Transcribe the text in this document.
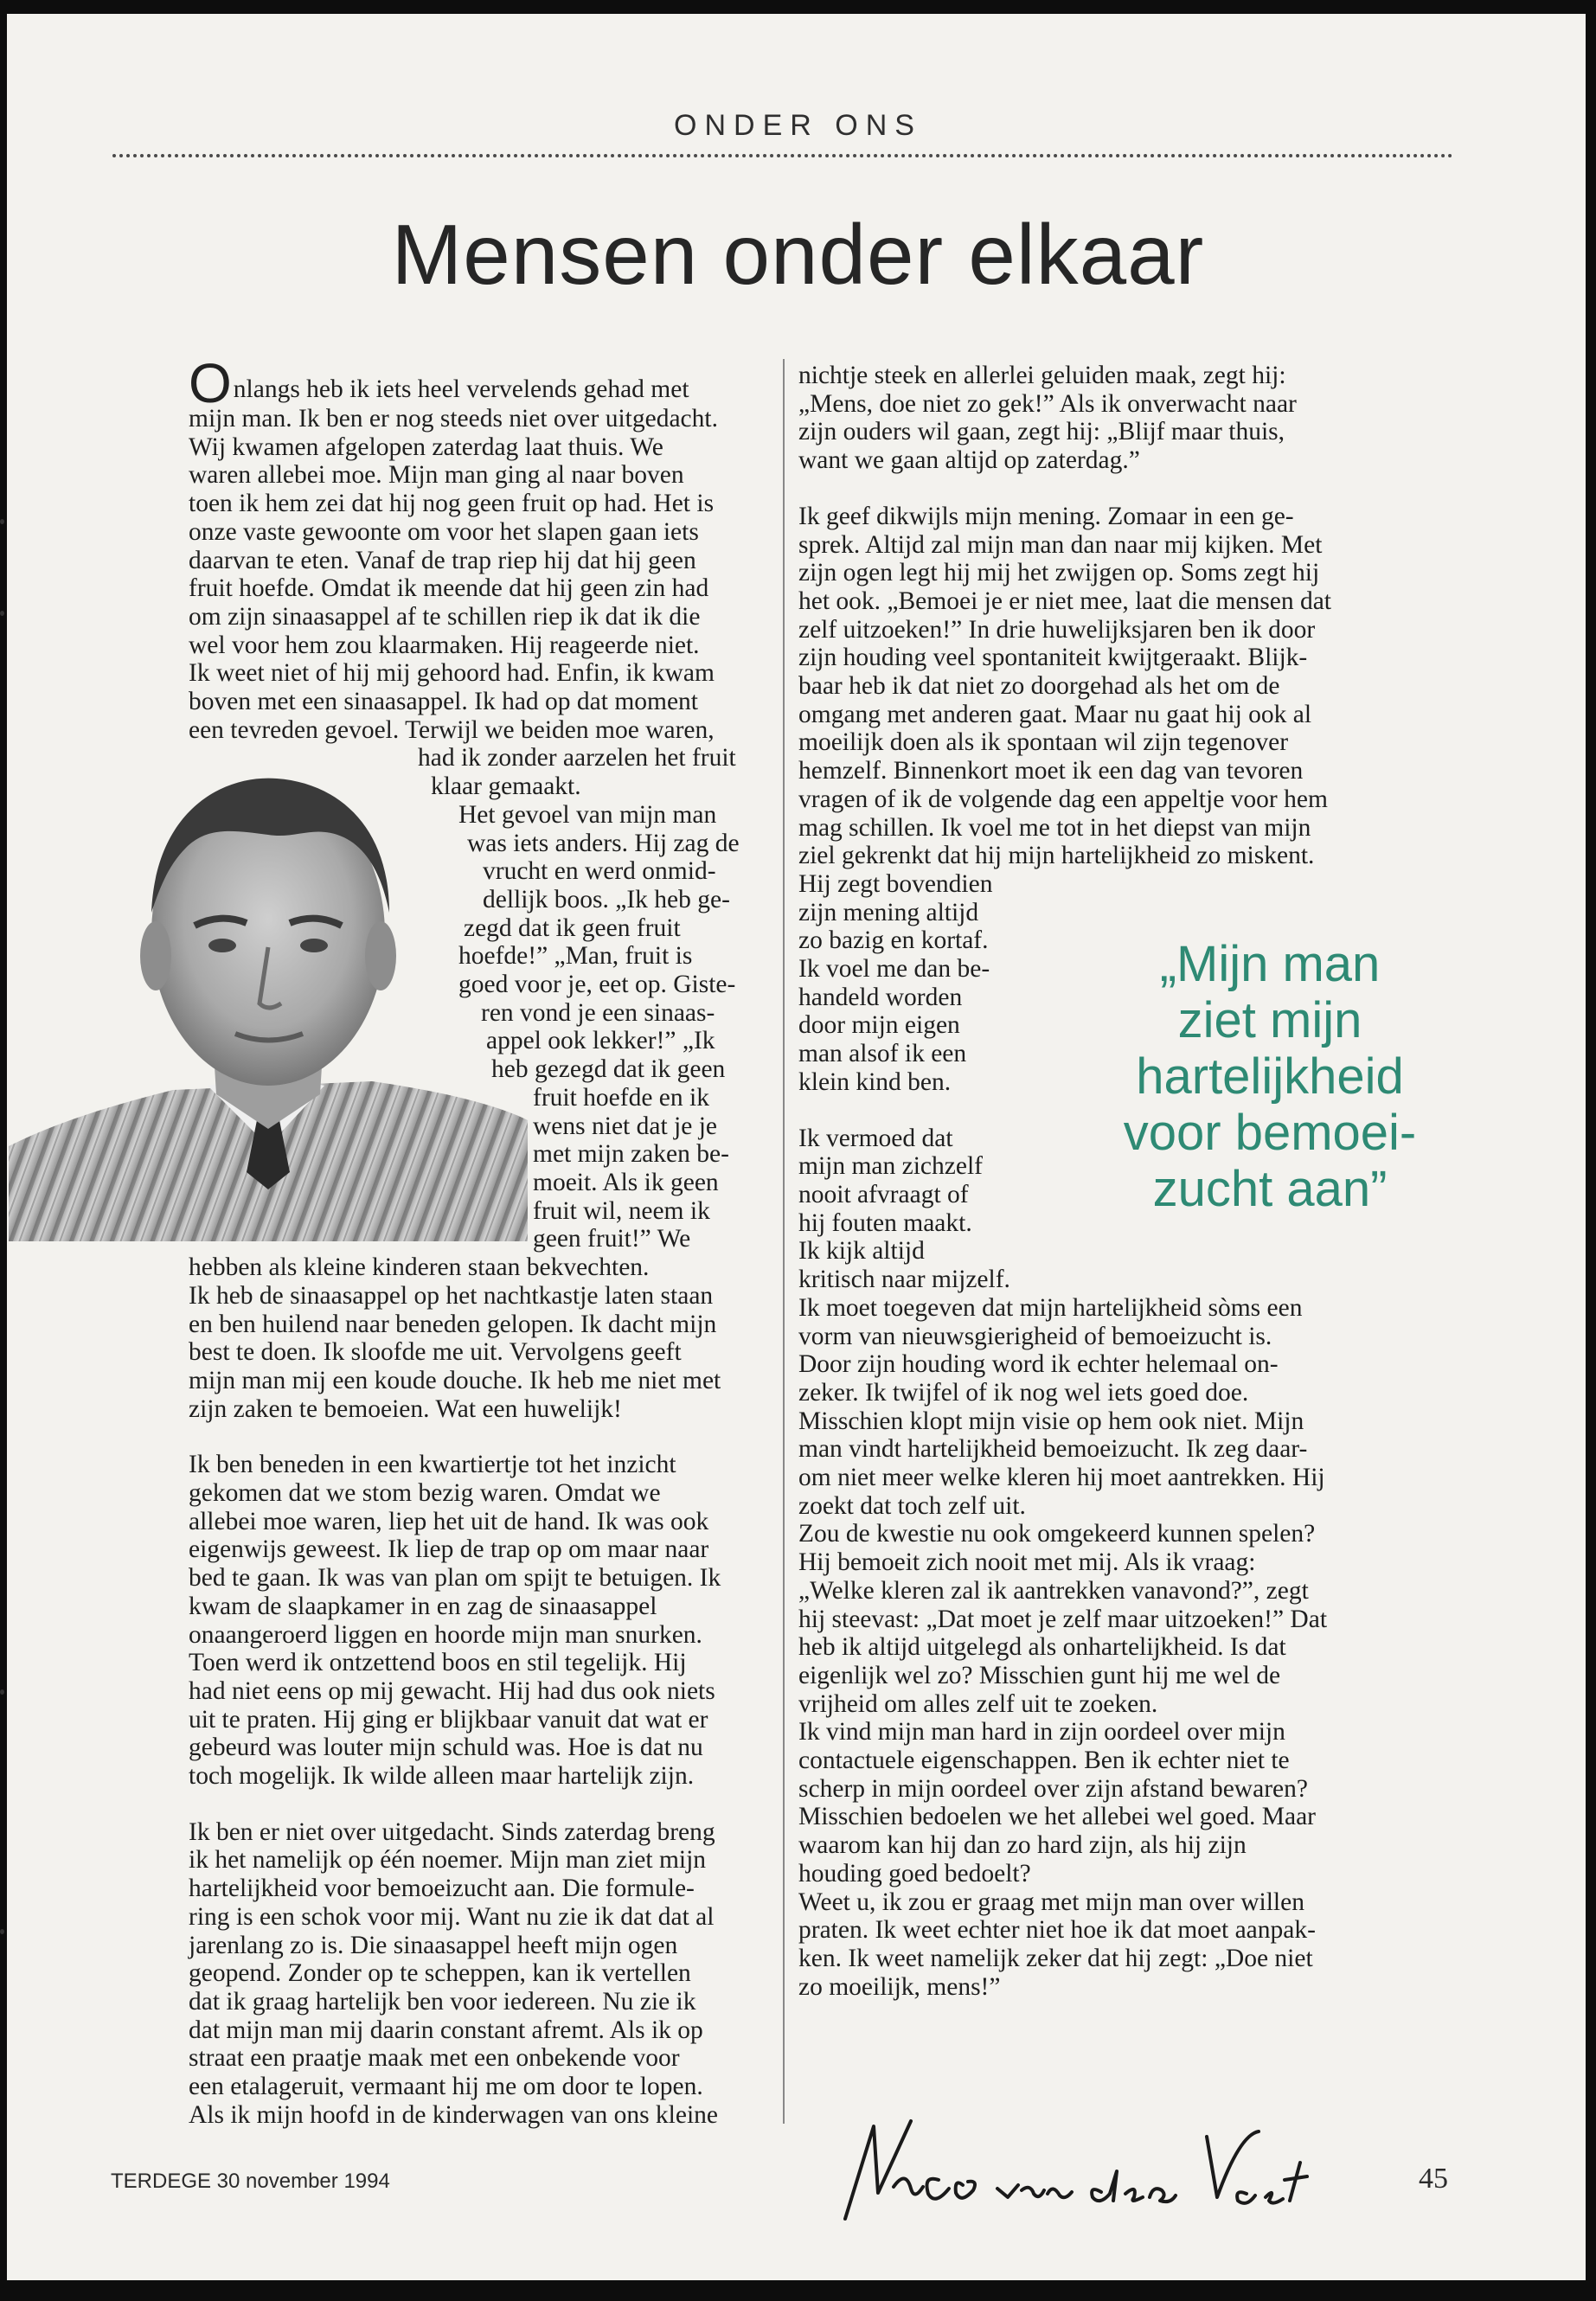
ONDER ONS
Mensen onder elkaar

Onlangs heb ik iets heel vervelends gehad met

mijn man. Ik ben er nog steeds niet over uitgedacht.

Wij kwamen afgelopen zaterdag laat thuis. We

waren allebei moe. Mijn man ging al naar boven

toen ik hem zei dat hij nog geen fruit op had. Het is

onze vaste gewoonte om voor het slapen gaan iets

daarvan te eten. Vanaf de trap riep hij dat hij geen

fruit hoefde. Omdat ik meende dat hij geen zin had

om zijn sinaasappel af te schillen riep ik dat ik die

wel voor hem zou klaarmaken. Hij reageerde niet.

Ik weet niet of hij mij gehoord had. Enfin, ik kwam

boven met een sinaasappel. Ik had op dat moment

een tevreden gevoel. Terwijl we beiden moe waren,

had ik zonder aarzelen het fruit

klaar gemaakt.

Het gevoel van mijn man

was iets anders. Hij zag de

vrucht en werd onmid-

dellijk boos. „Ik heb ge-

zegd dat ik geen fruit

hoefde!” „Man, fruit is

goed voor je, eet op. Giste-

ren vond je een sinaas-

appel ook lekker!” „Ik

heb gezegd dat ik geen

fruit hoefde en ik

wens niet dat je je

met mijn zaken be-

moeit. Als ik geen

fruit wil, neem ik

geen fruit!” We

hebben als kleine kinderen staan bekvechten.

Ik heb de sinaasappel op het nachtkastje laten staan

en ben huilend naar beneden gelopen. Ik dacht mijn

best te doen. Ik sloofde me uit. Vervolgens geeft

mijn man mij een koude douche. Ik heb me niet met

zijn zaken te bemoeien. Wat een huwelijk!

Ik ben beneden in een kwartiertje tot het inzicht

gekomen dat we stom bezig waren. Omdat we

allebei moe waren, liep het uit de hand. Ik was ook

eigenwijs geweest. Ik liep de trap op om maar naar

bed te gaan. Ik was van plan om spijt te betuigen. Ik

kwam de slaapkamer in en zag de sinaasappel

onaangeroerd liggen en hoorde mijn man snurken.

Toen werd ik ontzettend boos en stil tegelijk. Hij

had niet eens op mij gewacht. Hij had dus ook niets

uit te praten. Hij ging er blijkbaar vanuit dat wat er

gebeurd was louter mijn schuld was. Hoe is dat nu

toch mogelijk. Ik wilde alleen maar hartelijk zijn.

Ik ben er niet over uitgedacht. Sinds zaterdag breng

ik het namelijk op één noemer. Mijn man ziet mijn

hartelijkheid voor bemoeizucht aan. Die formule-

ring is een schok voor mij. Want nu zie ik dat dat al

jarenlang zo is. Die sinaasappel heeft mijn ogen

geopend. Zonder op te scheppen, kan ik vertellen

dat ik graag hartelijk ben voor iedereen. Nu zie ik

dat mijn man mij daarin constant afremt. Als ik op

straat een praatje maak met een onbekende voor

een etalageruit, vermaant hij me om door te lopen.

Als ik mijn hoofd in de kinderwagen van ons kleine

nichtje steek en allerlei geluiden maak, zegt hij:

„Mens, doe niet zo gek!” Als ik onverwacht naar

zijn ouders wil gaan, zegt hij: „Blijf maar thuis,

want we gaan altijd op zaterdag.”

Ik geef dikwijls mijn mening. Zomaar in een ge-

sprek. Altijd zal mijn man dan naar mij kijken. Met

zijn ogen legt hij mij het zwijgen op. Soms zegt hij

het ook. „Bemoei je er niet mee, laat die mensen dat

zelf uitzoeken!” In drie huwelijksjaren ben ik door

zijn houding veel spontaniteit kwijtgeraakt. Blijk-

baar heb ik dat niet zo doorgehad als het om de

omgang met anderen gaat. Maar nu gaat hij ook al

moeilijk doen als ik spontaan wil zijn tegenover

hemzelf. Binnenkort moet ik een dag van tevoren

vragen of ik de volgende dag een appeltje voor hem

mag schillen. Ik voel me tot in het diepst van mijn

ziel gekrenkt dat hij mijn hartelijkheid zo miskent.

Hij zegt bovendien

zijn mening altijd

zo bazig en kortaf.

Ik voel me dan be-

handeld worden

door mijn eigen

man alsof ik een

klein kind ben.

Ik vermoed dat

mijn man zichzelf

nooit afvraagt of

hij fouten maakt.

Ik kijk altijd

kritisch naar mijzelf.

Ik moet toegeven dat mijn hartelijkheid sòms een

vorm van nieuwsgierigheid of bemoeizucht is.

Door zijn houding word ik echter helemaal on-

zeker. Ik twijfel of ik nog wel iets goed doe.

Misschien klopt mijn visie op hem ook niet. Mijn

man vindt hartelijkheid bemoeizucht. Ik zeg daar-

om niet meer welke kleren hij moet aantrekken. Hij

zoekt dat toch zelf uit.

Zou de kwestie nu ook omgekeerd kunnen spelen?

Hij bemoeit zich nooit met mij. Als ik vraag:

„Welke kleren zal ik aantrekken vanavond?”, zegt

hij steevast: „Dat moet je zelf maar uitzoeken!” Dat

heb ik altijd uitgelegd als onhartelijkheid. Is dat

eigenlijk wel zo? Misschien gunt hij me wel de

vrijheid om alles zelf uit te zoeken.

Ik vind mijn man hard in zijn oordeel over mijn

contactuele eigenschappen. Ben ik echter niet te

scherp in mijn oordeel over zijn afstand bewaren?

Misschien bedoelen we het allebei wel goed. Maar

waarom kan hij dan zo hard zijn, als hij zijn

houding goed bedoelt?

Weet u, ik zou er graag met mijn man over willen

praten. Ik weet echter niet hoe ik dat moet aanpak-

ken. Ik weet namelijk zeker dat hij zegt: „Doe niet

zo moeilijk, mens!”

„Mijn man

ziet mijn

hartelijkheid

voor bemoei-

zucht aan”

TERDEGE 30 november 1994	45
